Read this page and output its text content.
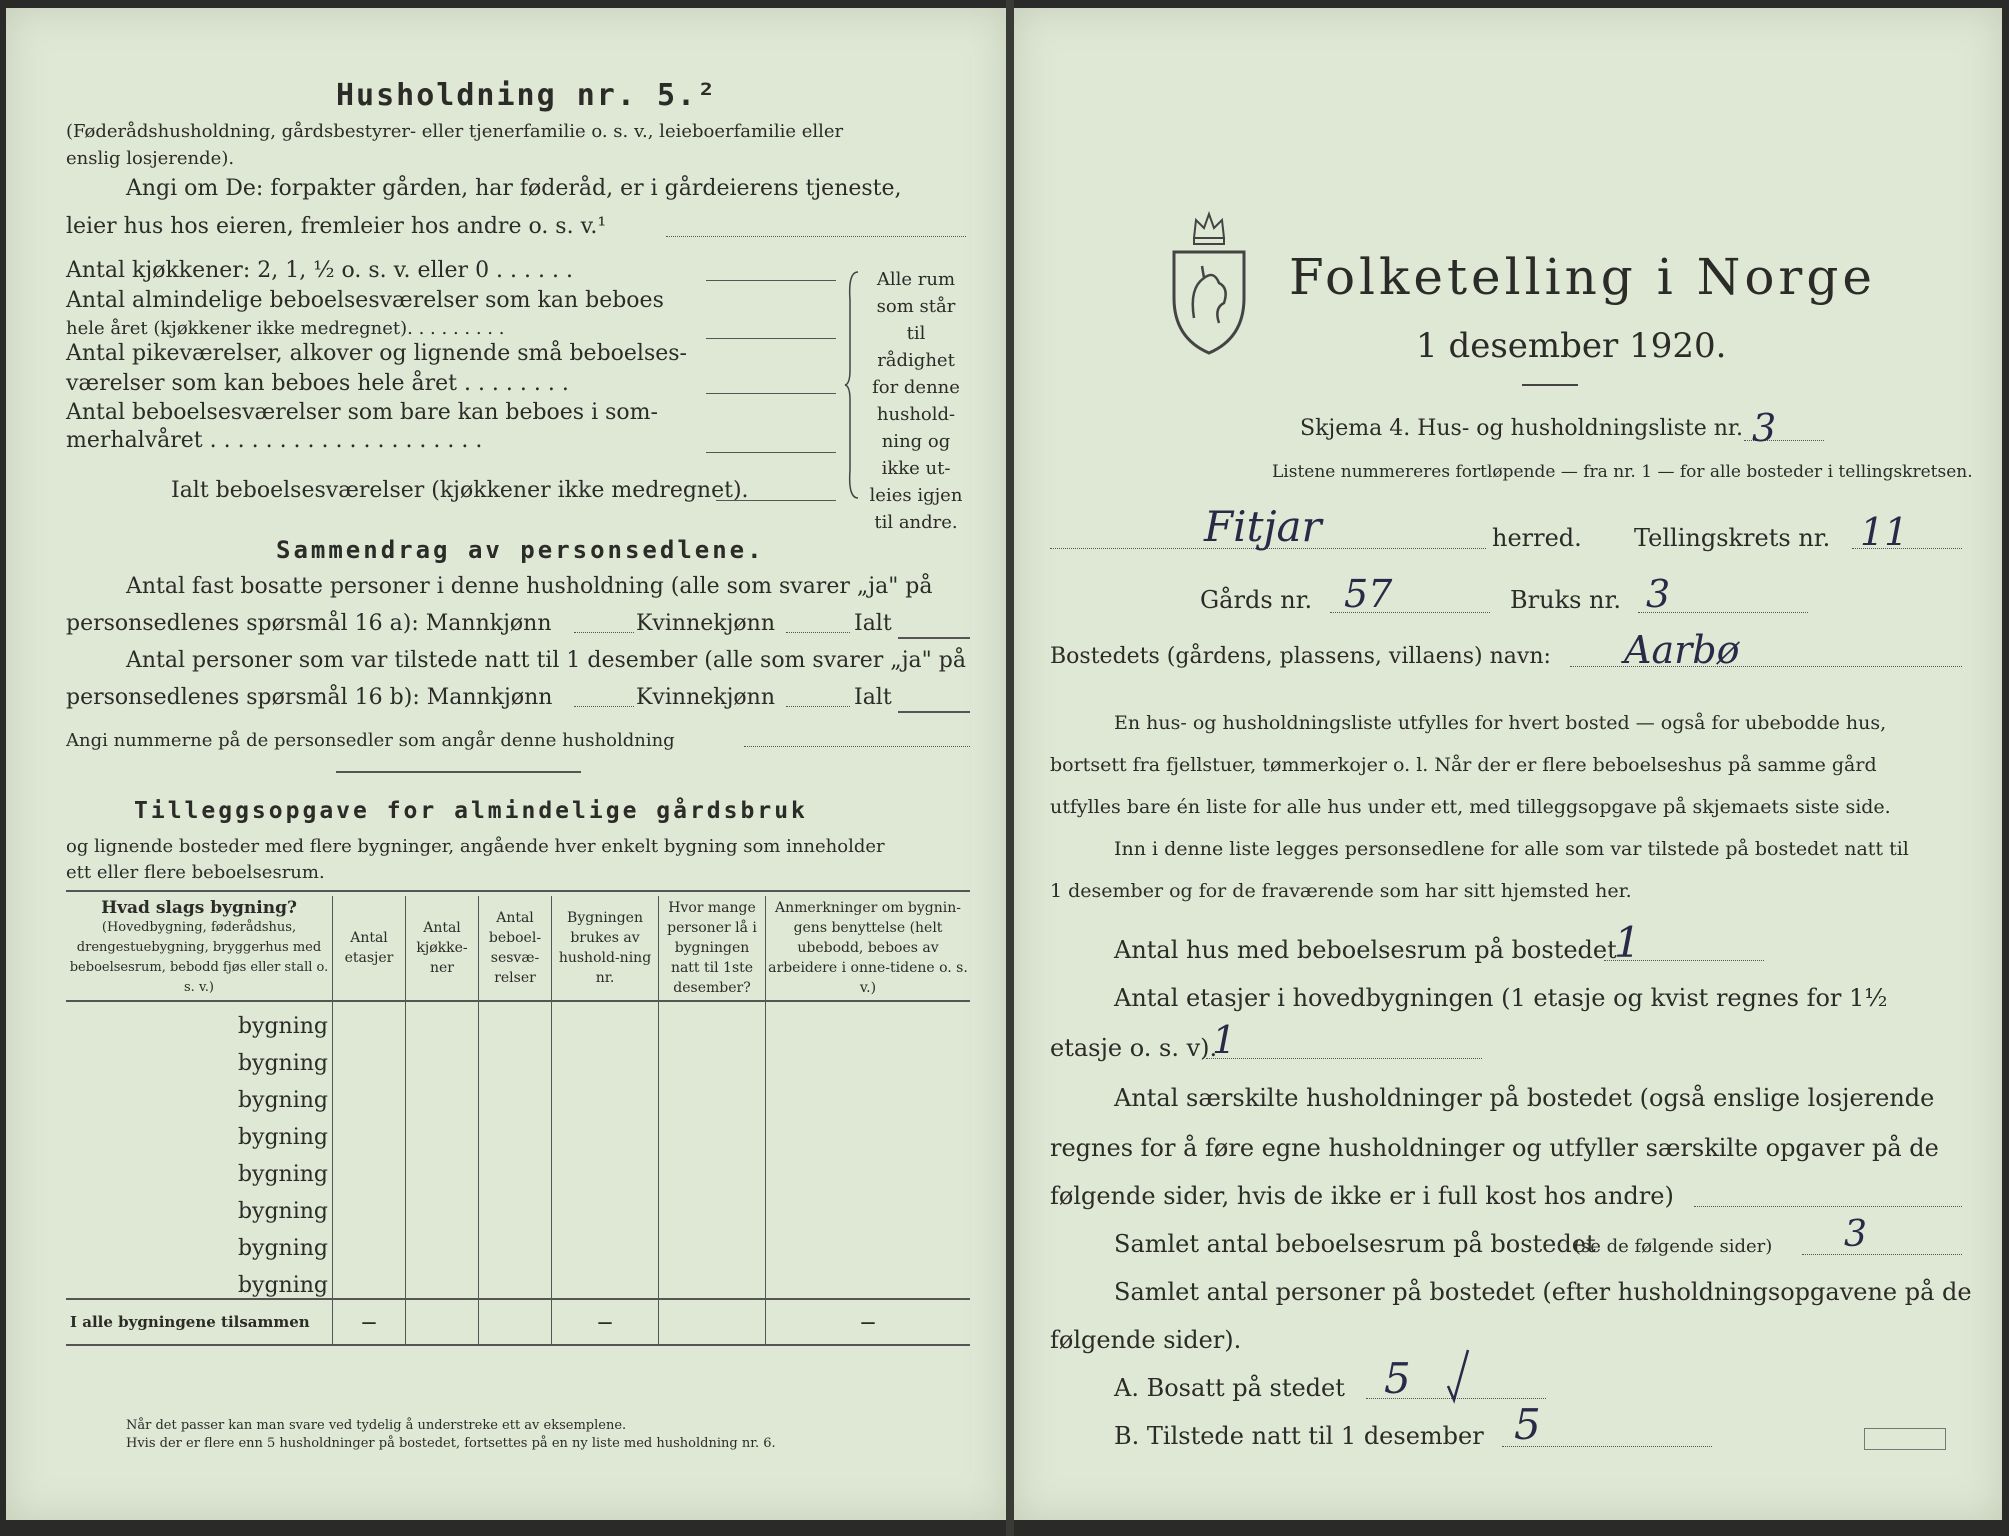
Husholdning nr. 5.²
(Føderådshusholdning, gårdsbestyrer- eller tjenerfamilie o. s. v., leieboerfamilie eller
enslig losjerende).
Angi om De: forpakter gården, har føderåd, er i gårdeierens tjeneste,
leier hus hos eieren, fremleier hos andre o. s. v.¹
Antal kjøkkener: 2, 1, ½ o. s. v. eller 0 . . . . . .
Antal almindelige beboelsesværelser som kan beboes
hele året (kjøkkener ikke medregnet). . . . . . . . .
Antal pikeværelser, alkover og lignende små beboelses-
værelser som kan beboes hele året . . . . . . . .
Antal beboelsesværelser som bare kan beboes i som-
merhalvåret . . . . . . . . . . . . . . . . . . . .
Ialt beboelsesværelser (kjøkkener ikke medregnet).
Alle rum som står til rådighet for denne hushold-ning og ikke ut-leies igjen til andre.
Sammendrag av personsedlene.
Antal fast bosatte personer i denne husholdning (alle som svarer „ja" på
personsedlenes spørsmål 16 a): Mannkjønn	Kvinnekjønn	Ialt
Antal personer som var tilstede natt til 1 desember (alle som svarer „ja" på
personsedlenes spørsmål 16 b): Mannkjønn	Kvinnekjønn	Ialt
Angi nummerne på de personsedler som angår denne husholdning
Tilleggsopgave for almindelige gårdsbruk
og lignende bosteder med flere bygninger, angående hver enkelt bygning som inneholder
ett eller flere beboelsesrum.
Hvad slags bygning?
(Hovedbygning, føderådshus, drengestuebygning, bryggerhus med beboelsesrum, bebodd fjøs eller stall o. s. v.)	Antal etasjer	Antal kjøkke-ner	Antal beboel-sesvæ-relser	Bygningen brukes av hushold-ning nr.	Hvor mange personer lå i bygningen natt til 1ste desember?	Anmerkninger om bygnin-gens benyttelse (helt ubebodd, beboes av arbeidere i onne-tidene o. s. v.)
bygning						
bygning						
bygning						
bygning						
bygning						
bygning						
bygning						
bygning						
I alle bygningene tilsammen	—			—		—
Når det passer kan man svare ved tydelig å understreke ett av eksemplene.
Hvis der er flere enn 5 husholdninger på bostedet, fortsettes på en ny liste med husholdning nr. 6.
Folketelling i Norge
1 desember 1920.
Skjema 4. Hus- og husholdningsliste nr. 3
Listene nummereres fortløpende — fra nr. 1 — for alle bosteder i tellingskretsen.
Fitjar	herred. Tellingskrets nr. 11
Gårds nr. 57	Bruks nr. 3
Bostedets (gårdens, plassens, villaens) navn: Aarbø
En hus- og husholdningsliste utfylles for hvert bosted — også for ubebodde hus,
bortsett fra fjellstuer, tømmerkojer o. l. Når der er flere beboelseshus på samme gård
utfylles bare én liste for alle hus under ett, med tilleggsopgave på skjemaets siste side.
Inn i denne liste legges personsedlene for alle som var tilstede på bostedet natt til
1 desember og for de fraværende som har sitt hjemsted her.
Antal hus med beboelsesrum på bostedet
1
Antal etasjer i hovedbygningen (1 etasje og kvist regnes for 1½
etasje o. s. v).
1
Antal særskilte husholdninger på bostedet (også enslige losjerende
regnes for å føre egne husholdninger og utfyller særskilte opgaver på de
følgende sider, hvis de ikke er i full kost hos andre)
Samlet antal beboelsesrum på bostedet
(se de følgende sider) 3
Samlet antal personer på bostedet (efter husholdningsopgavene på de
følgende sider).
A. Bosatt på stedet 5
B. Tilstede natt til 1 desember 5
